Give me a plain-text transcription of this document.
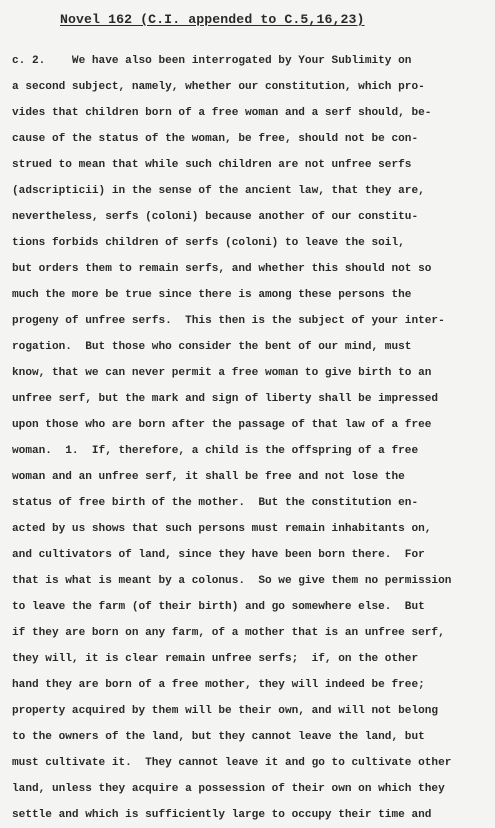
Novel 162 (C.I. appended to C.5,16,23)
c. 2.    We have also been interrogated by Your Sublimity on
a second subject, namely, whether our constitution, which pro-
vides that children born of a free woman and a serf should, be-
cause of the status of the woman, be free, should not be con-
strued to mean that while such children are not unfree serfs
(adscripticii) in the sense of the ancient law, that they are,
nevertheless, serfs (coloni) because another of our constitu-
tions forbids children of serfs (coloni) to leave the soil,
but orders them to remain serfs, and whether this should not so
much the more be true since there is among these persons the
progeny of unfree serfs.  This then is the subject of your inter-
rogation.  But those who consider the bent of our mind, must
know, that we can never permit a free woman to give birth to an
unfree serf, but the mark and sign of liberty shall be impressed
upon those who are born after the passage of that law of a free
woman.  1.  If, therefore, a child is the offspring of a free
woman and an unfree serf, it shall be free and not lose the
status of free birth of the mother.  But the constitution en-
acted by us shows that such persons must remain inhabitants on,
and cultivators of land, since they have been born there.  For
that is what is meant by a colonus.  So we give them no permission
to leave the farm (of their birth) and go somewhere else.  But
if they are born on any farm, of a mother that is an unfree serf,
they will, it is clear remain unfree serfs;  if, on the other
hand they are born of a free mother, they will indeed be free;
property acquired by them will be their own, and will not belong
to the owners of the land, but they cannot leave the land, but
must cultivate it.  They cannot leave it and go to cultivate other
land, unless they acquire a possession of their own on which they
settle and which is sufficiently large to occupy their time and
